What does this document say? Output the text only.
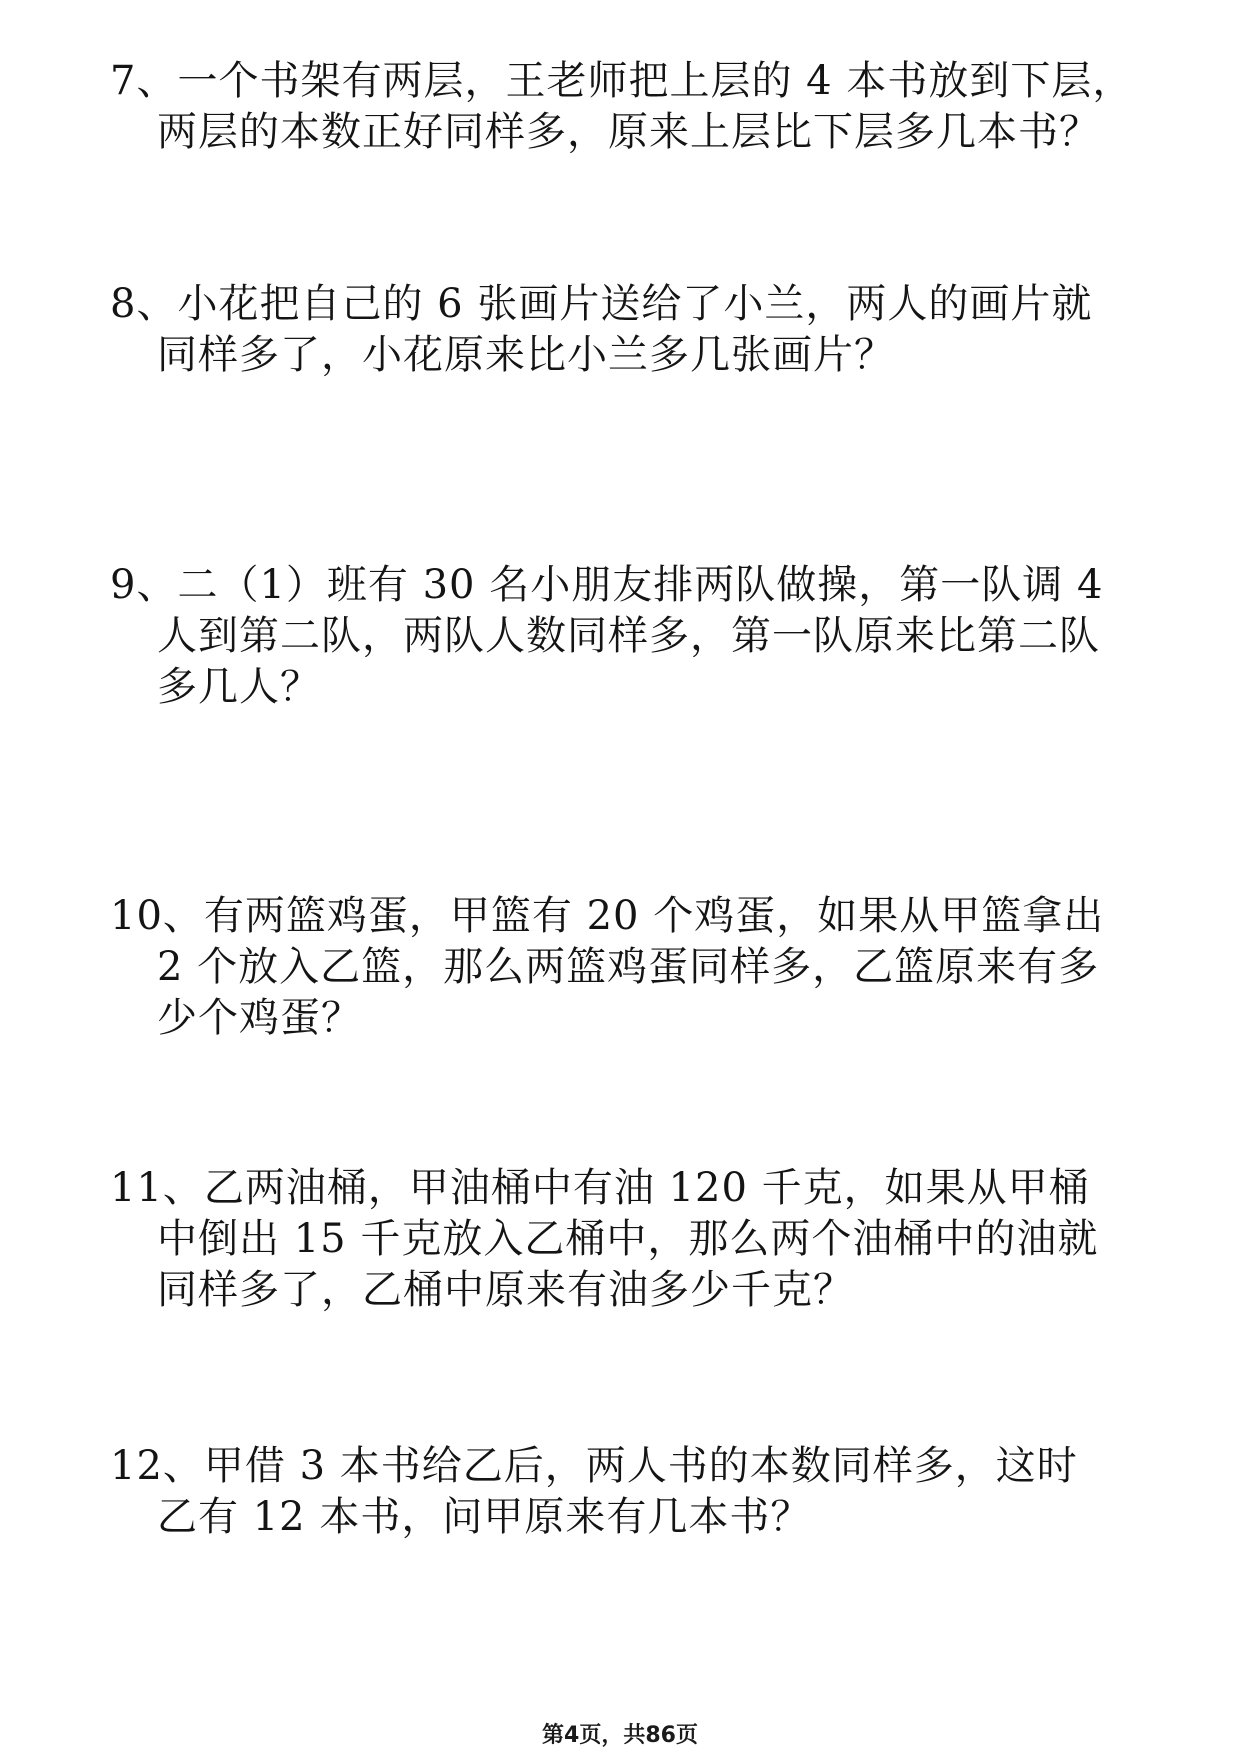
7、一个书架有两层，王老师把上层的 4 本书放到下层，
两层的本数正好同样多，原来上层比下层多几本书？
8、小花把自己的 6 张画片送给了小兰，两人的画片就
同样多了，小花原来比小兰多几张画片？
9、二（1）班有 30 名小朋友排两队做操，第一队调 4
人到第二队，两队人数同样多，第一队原来比第二队
多几人？
10、有两篮鸡蛋，甲篮有 20 个鸡蛋，如果从甲篮拿出
2 个放入乙篮，那么两篮鸡蛋同样多，乙篮原来有多
少个鸡蛋？
11、乙两油桶，甲油桶中有油 120 千克，如果从甲桶
中倒出 15 千克放入乙桶中，那么两个油桶中的油就
同样多了，乙桶中原来有油多少千克？
12、甲借 3 本书给乙后，两人书的本数同样多，这时
乙有 12 本书，问甲原来有几本书？
第4页，共86页
